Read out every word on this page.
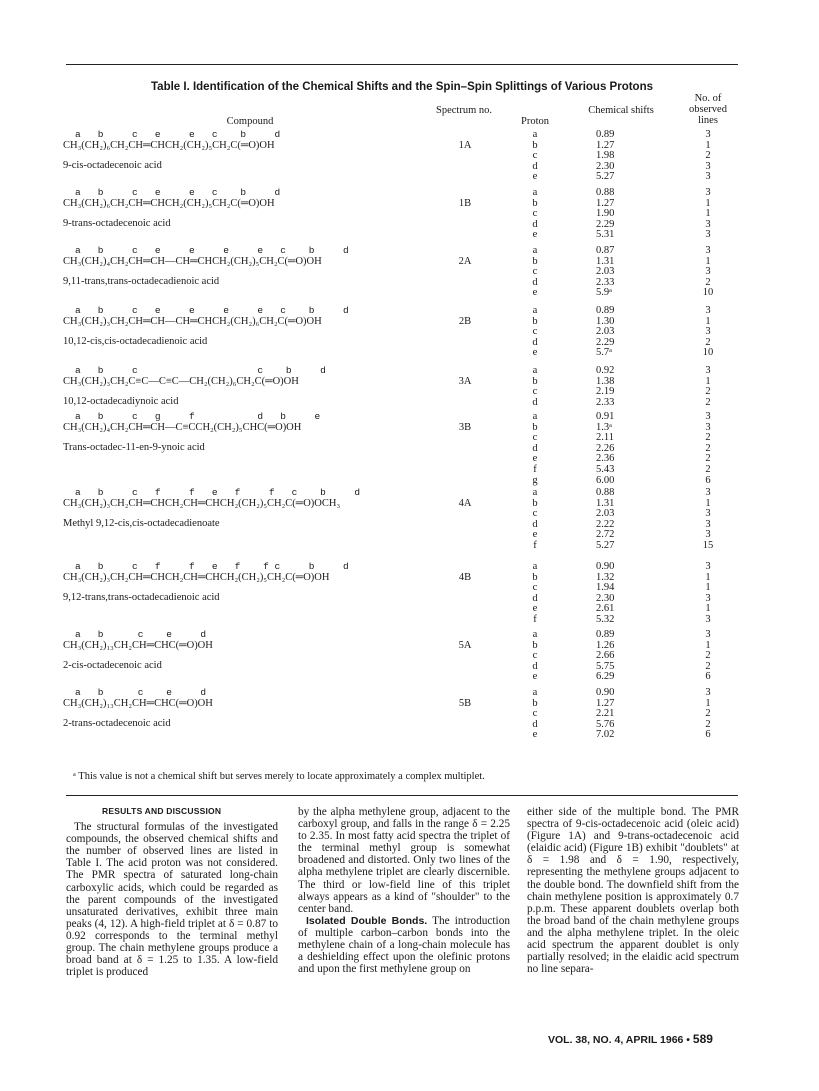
Table I. Identification of the Chemical Shifts and the Spin–Spin Splittings of Various Protons
Compound
Spectrum no.
Proton
Chemical shifts
No. of observed lines
a   b     c   e     e   c    b     d
CH₃(CH₂)₆CH₂CH═CHCH₂(CH₂)₅CH₂C(═O)OH
9-cis-octadecenoic acid
1A
a
b
c
d
e
0.89
1.27
1.98
2.30
5.27
3
1
2
3
3
a   b     c   e     e   c    b     d
CH₃(CH₂)₆CH₂CH═CHCH₂(CH₂)₅CH₂C(═O)OH
9-trans-octadecenoic acid
1B
a
b
c
d
e
0.88
1.27
1.90
2.29
5.31
3
1
1
3
3
a   b     c   e     e     e     e   c    b     d
CH₃(CH₂)₄CH₂CH═CH—CH═CHCH₂(CH₂)₅CH₂C(═O)OH
9,11-trans,trans-octadecadienoic acid
2A
a
b
c
d
e
0.87
1.31
2.03
2.33
5.9ᵃ
3
1
3
2
10
a   b     c   e     e     e     e   c    b     d
CH₃(CH₂)₃CH₂CH═CH—CH═CHCH₂(CH₂)₆CH₂C(═O)OH
10,12-cis,cis-octadecadienoic acid
2B
a
b
c
d
e
0.89
1.30
2.03
2.29
5.7ᵃ
3
1
3
2
10
a   b     c                     c    b     d
CH₃(CH₂)₃CH₂C≡C—C≡C—CH₂(CH₂)₆CH₂C(═O)OH
10,12-octadecadiynoic acid
3A
a
b
c
d
0.92
1.38
2.19
2.33
3
1
2
2
a   b     c   g     f           d   b     e
CH₃(CH₂)₄CH₂CH═CH—C≡CCH₂(CH₂)₅CHC(═O)OH
Trans-octadec-11-en-9-ynoic acid
3B
a
b
c
d
e
f
g
0.91
1.3ᵃ
2.11
2.26
2.36
5.43
6.00
3
3
2
2
2
2
6
a   b     c   f     f   e   f     f   c    b     d
CH₃(CH₂)₃CH₂CH═CHCH₂CH═CHCH₂(CH₂)₅CH₂C(═O)OCH₃
Methyl 9,12-cis,cis-octadecadienoate
4A
a
b
c
d
e
f
0.88
1.31
2.03
2.22
2.72
5.27
3
1
3
3
3
15
a   b     c   f     f   e   f    f c     b     d
CH₃(CH₂)₃CH₂CH═CHCH₂CH═CHCH₂(CH₂)₅CH₂C(═O)OH
9,12-trans,trans-octadecadienoic acid
4B
a
b
c
d
e
f
0.90
1.32
1.94
2.30
2.61
5.32
3
1
1
3
1
3
a   b      c    e     d
CH₃(CH₂)₁₃CH₂CH═CHC(═O)OH
2-cis-octadecenoic acid
5A
a
b
c
d
e
0.89
1.26
2.66
5.75
6.29
3
1
2
2
6
a   b      c    e     d
CH₃(CH₂)₁₃CH₂CH═CHC(═O)OH
2-trans-octadecenoic acid
5B
a
b
c
d
e
0.90
1.27
2.21
5.76
7.02
3
1
2
2
6
ᵃ This value is not a chemical shift but serves merely to locate approximately a complex multiplet.
RESULTS AND DISCUSSION

The structural formulas of the investigated compounds, the observed chemical shifts and the number of observed lines are listed in Table I. The acid proton was not considered. The PMR spectra of saturated long-chain carboxylic acids, which could be regarded as the parent compounds of the investigated unsaturated derivatives, exhibit three main peaks (4, 12). A high-field triplet at δ = 0.87 to 0.92 corresponds to the terminal methyl group. The chain methylene groups produce a broad band at δ = 1.25 to 1.35. A low-field triplet is produced

by the alpha methylene group, adjacent to the carboxyl group, and falls in the range δ = 2.25 to 2.35. In most fatty acid spectra the triplet of the terminal methyl group is somewhat broadened and distorted. Only two lines of the alpha methylene triplet are clearly discernible. The third or low-field line of this triplet always appears as a kind of "shoulder" to the center band.

Isolated Double Bonds. The introduction of multiple carbon–carbon bonds into the methylene chain of a long-chain molecule has a deshielding effect upon the olefinic protons and upon the first methylene group on

either side of the multiple bond. The PMR spectra of 9-cis-octadecenoic acid (oleic acid) (Figure 1A) and 9-trans-octadecenoic acid (elaidic acid) (Figure 1B) exhibit "doublets" at δ = 1.98 and δ = 1.90, respectively, representing the methylene groups adjacent to the double bond. The downfield shift from the chain methylene position is approximately 0.7 p.p.m. These apparent doublets overlap both the broad band of the chain methylene groups and the alpha methylene triplet. In the oleic acid spectrum the apparent doublet is only partially resolved; in the elaidic acid spectrum no line separa-

VOL. 38, NO. 4, APRIL 1966 • 589
